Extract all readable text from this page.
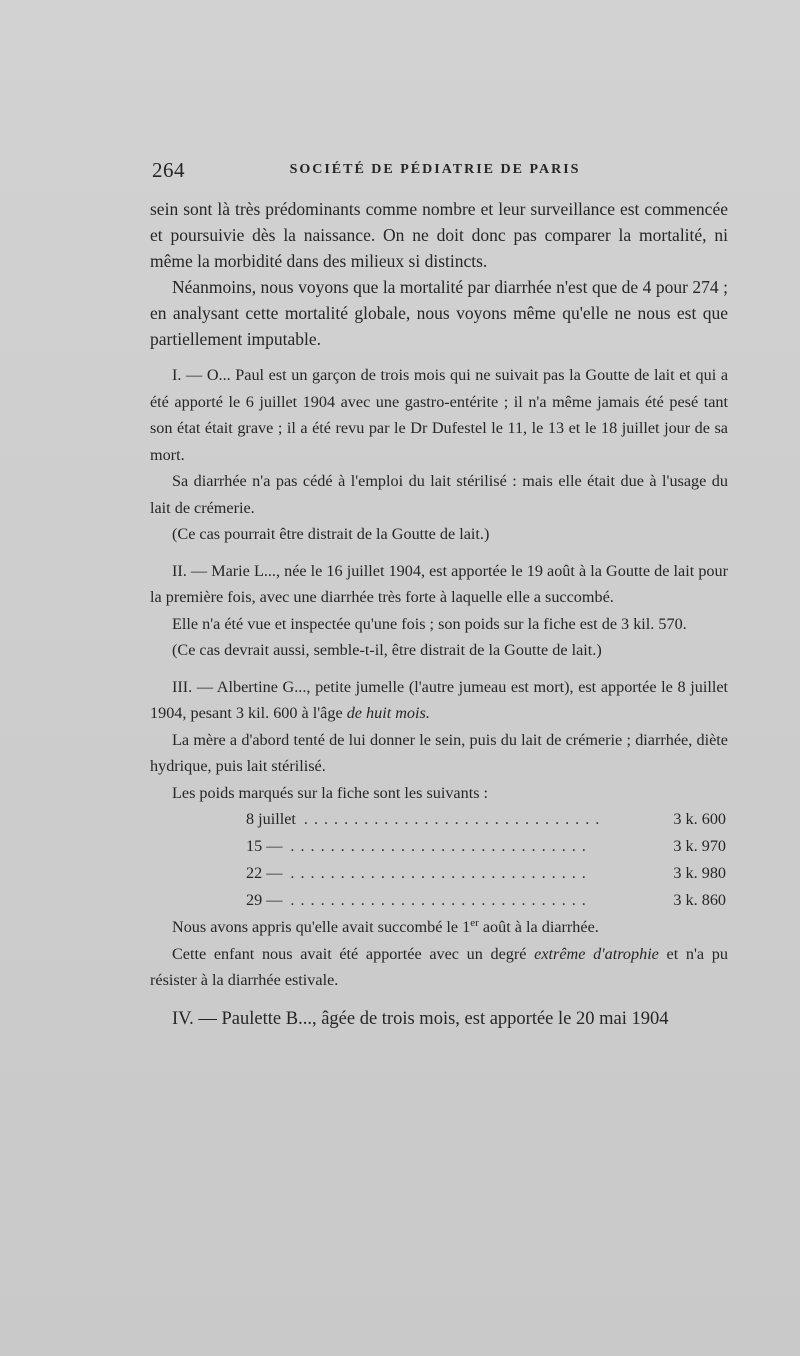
264	SOCIÉTÉ DE PÉDIATRIE DE PARIS

sein sont là très prédominants comme nombre et leur surveillance est commencée et poursuivie dès la naissance. On ne doit donc pas comparer la mortalité, ni même la morbidité dans des milieux si distincts.

Néanmoins, nous voyons que la mortalité par diarrhée n'est que de 4 pour 274 ; en analysant cette mortalité globale, nous voyons même qu'elle ne nous est que partiellement imputable.

I. — O... Paul est un garçon de trois mois qui ne suivait pas la Goutte de lait et qui a été apporté le 6 juillet 1904 avec une gastro-entérite ; il n'a même jamais été pesé tant son état était grave ; il a été revu par le Dr Dufestel le 11, le 13 et le 18 juillet jour de sa mort.

Sa diarrhée n'a pas cédé à l'emploi du lait stérilisé : mais elle était due à l'usage du lait de crémerie.

(Ce cas pourrait être distrait de la Goutte de lait.)

II. — Marie L..., née le 16 juillet 1904, est apportée le 19 août à la Goutte de lait pour la première fois, avec une diarrhée très forte à laquelle elle a succombé.

Elle n'a été vue et inspectée qu'une fois ; son poids sur la fiche est de 3 kil. 570.

(Ce cas devrait aussi, semble-t-il, être distrait de la Goutte de lait.)

III. — Albertine G..., petite jumelle (l'autre jumeau est mort), est apportée le 8 juillet 1904, pesant 3 kil. 600 à l'âge de huit mois.

La mère a d'abord tenté de lui donner le sein, puis du lait de crémerie ; diarrhée, diète hydrique, puis lait stérilisé.

Les poids marqués sur la fiche sont les suivants :

8 juillet ..............................	3 k. 600
15 — ..............................	3 k. 970
22 — ..............................	3 k. 980
29 — ..............................	3 k. 860

Nous avons appris qu'elle avait succombé le 1er août à la diarrhée.

Cette enfant nous avait été apportée avec un degré extrême d'atrophie et n'a pu résister à la diarrhée estivale.

IV. — Paulette B..., âgée de trois mois, est apportée le 20 mai 1904
